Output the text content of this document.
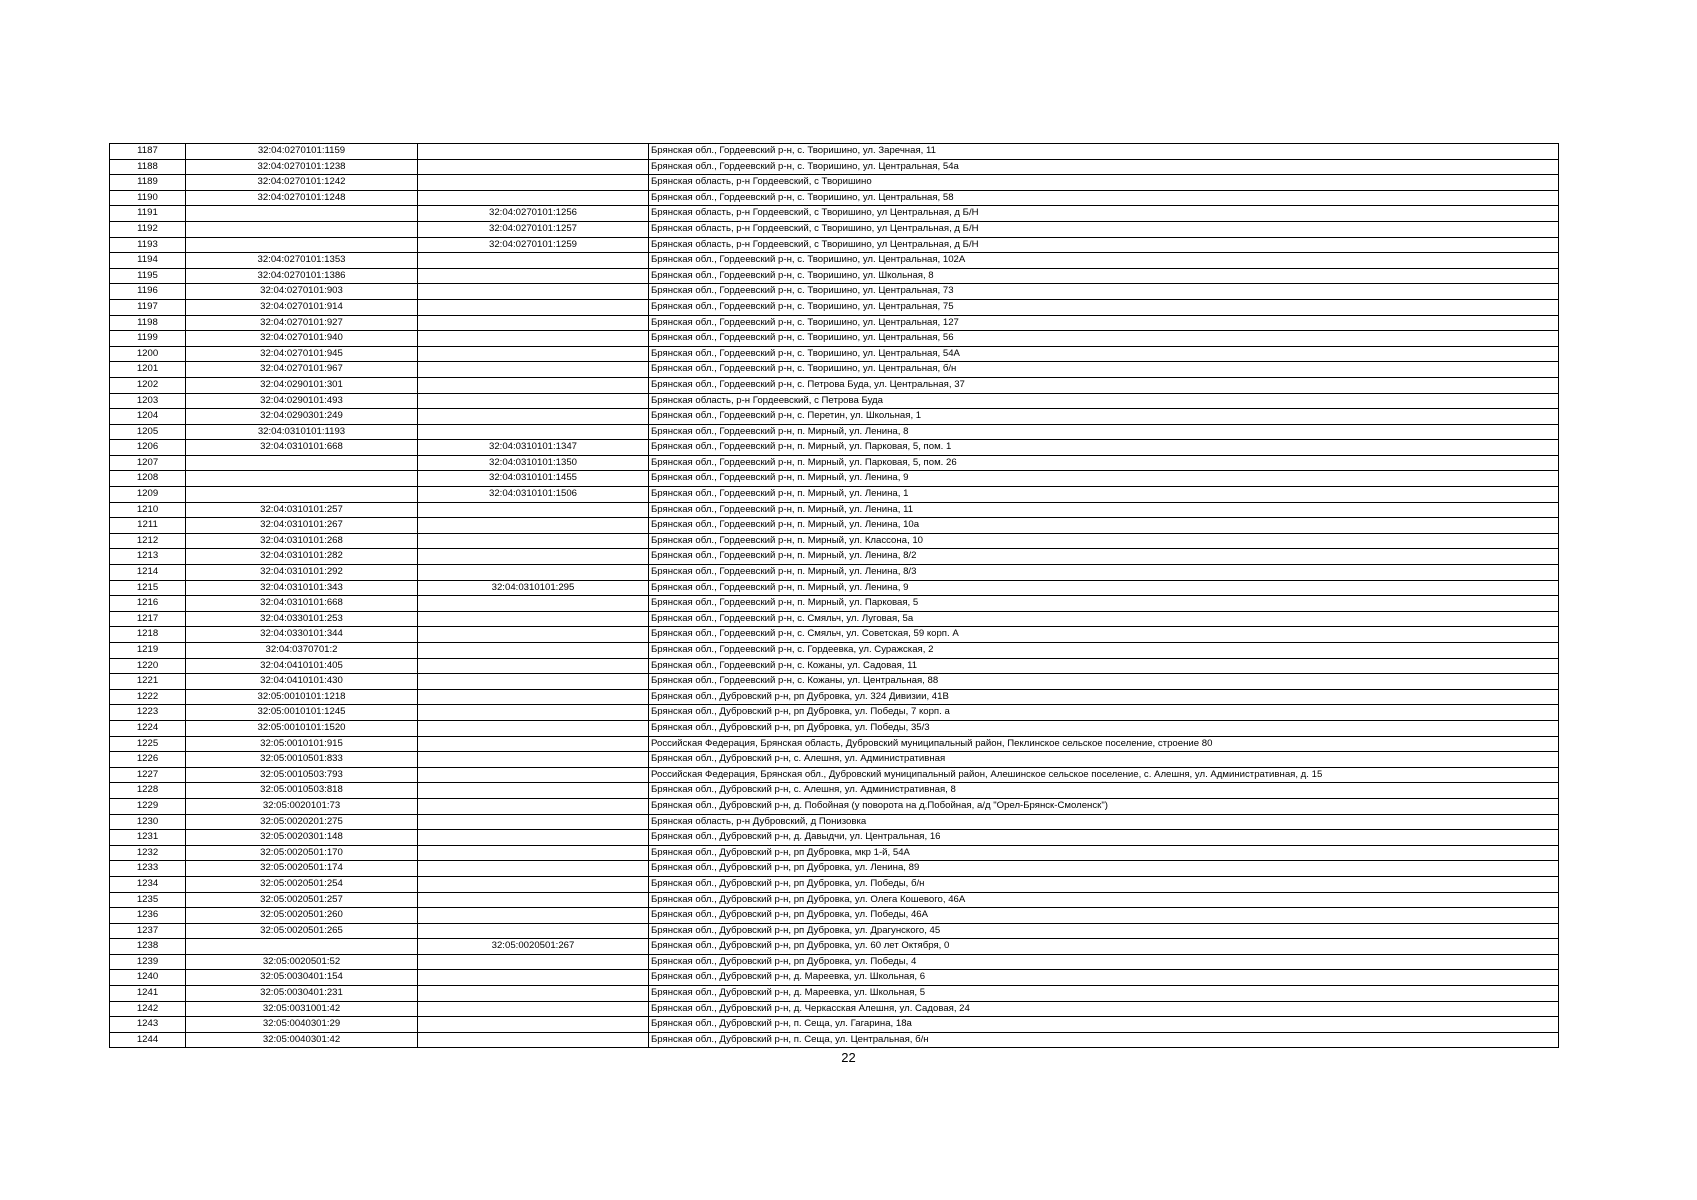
1187	32:04:0270101:1159		Брянская обл., Гордеевский р-н, с. Творишино, ул. Заречная, 11
1188	32:04:0270101:1238		Брянская обл., Гордеевский р-н, с. Творишино, ул. Центральная, 54а
1189	32:04:0270101:1242		Брянская область, р-н Гордеевский, с Творишино
1190	32:04:0270101:1248		Брянская обл., Гордеевский р-н, с. Творишино, ул. Центральная, 58
1191		32:04:0270101:1256	Брянская область, р-н Гордеевский, с Творишино, ул Центральная, д Б/Н
1192		32:04:0270101:1257	Брянская область, р-н Гордеевский, с Творишино, ул Центральная, д Б/Н
1193		32:04:0270101:1259	Брянская область, р-н Гордеевский, с Творишино, ул Центральная, д Б/Н
1194	32:04:0270101:1353		Брянская обл., Гордеевский р-н, с. Творишино, ул. Центральная, 102А
1195	32:04:0270101:1386		Брянская обл., Гордеевский р-н, с. Творишино, ул. Школьная, 8
1196	32:04:0270101:903		Брянская обл., Гордеевский р-н, с. Творишино, ул. Центральная, 73
1197	32:04:0270101:914		Брянская обл., Гордеевский р-н, с. Творишино, ул. Центральная, 75
1198	32:04:0270101:927		Брянская обл., Гордеевский р-н, с. Творишино, ул. Центральная, 127
1199	32:04:0270101:940		Брянская обл., Гордеевский р-н, с. Творишино, ул. Центральная, 56
1200	32:04:0270101:945		Брянская обл., Гордеевский р-н, с. Творишино, ул. Центральная, 54А
1201	32:04:0270101:967		Брянская обл., Гордеевский р-н, с. Творишино, ул. Центральная, б/н
1202	32:04:0290101:301		Брянская обл., Гордеевский р-н, с. Петрова Буда, ул. Центральная, 37
1203	32:04:0290101:493		Брянская область, р-н Гордеевский, с Петрова Буда
1204	32:04:0290301:249		Брянская обл., Гордеевский р-н, с. Перетин, ул. Школьная, 1
1205	32:04:0310101:1193		Брянская обл., Гордеевский р-н, п. Мирный, ул. Ленина, 8
1206	32:04:0310101:668	32:04:0310101:1347	Брянская обл., Гордеевский р-н, п. Мирный, ул. Парковая, 5, пом. 1
1207		32:04:0310101:1350	Брянская обл., Гордеевский р-н, п. Мирный, ул. Парковая, 5, пом. 26
1208		32:04:0310101:1455	Брянская обл., Гордеевский р-н, п. Мирный, ул. Ленина, 9
1209		32:04:0310101:1506	Брянская обл., Гордеевский р-н, п. Мирный, ул. Ленина, 1
1210	32:04:0310101:257		Брянская обл., Гордеевский р-н, п. Мирный, ул. Ленина, 11
1211	32:04:0310101:267		Брянская обл., Гордеевский р-н, п. Мирный, ул. Ленина, 10а
1212	32:04:0310101:268		Брянская обл., Гордеевский р-н, п. Мирный, ул. Классона, 10
1213	32:04:0310101:282		Брянская обл., Гордеевский р-н, п. Мирный, ул. Ленина, 8/2
1214	32:04:0310101:292		Брянская обл., Гордеевский р-н, п. Мирный, ул. Ленина, 8/3
1215	32:04:0310101:343	32:04:0310101:295	Брянская обл., Гордеевский р-н, п. Мирный, ул. Ленина, 9
1216	32:04:0310101:668		Брянская обл., Гордеевский р-н, п. Мирный, ул. Парковая, 5
1217	32:04:0330101:253		Брянская обл., Гордеевский р-н, с. Смяльч, ул. Луговая, 5а
1218	32:04:0330101:344		Брянская обл., Гордеевский р-н, с. Смяльч, ул. Советская, 59 корп. А
1219	32:04:0370701:2		Брянская обл., Гордеевский р-н, с. Гордеевка, ул. Суражская, 2
1220	32:04:0410101:405		Брянская обл., Гордеевский р-н, с. Кожаны, ул. Садовая, 11
1221	32:04:0410101:430		Брянская обл., Гордеевский р-н, с. Кожаны, ул. Центральная, 88
1222	32:05:0010101:1218		Брянская обл., Дубровский р-н, рп Дубровка, ул. 324 Дивизии, 41В
1223	32:05:0010101:1245		Брянская обл., Дубровский р-н, рп Дубровка, ул. Победы, 7 корп. а
1224	32:05:0010101:1520		Брянская обл., Дубровский р-н, рп Дубровка, ул. Победы, 35/3
1225	32:05:0010101:915		Российская Федерация, Брянская область, Дубровский муниципальный район, Пеклинское сельское поселение, строение 80
1226	32:05:0010501:833		Брянская обл., Дубровский р-н, с. Алешня, ул. Административная
1227	32:05:0010503:793		Российская Федерация, Брянская обл., Дубровский муниципальный район, Алешинское сельское поселение, с. Алешня, ул. Административная, д. 15
1228	32:05:0010503:818		Брянская обл., Дубровский р-н, с. Алешня, ул. Административная, 8
1229	32:05:0020101:73		Брянская обл., Дубровский р-н, д. Побойная (у поворота на д.Побойная, а/д "Орел-Брянск-Смоленск")
1230	32:05:0020201:275		Брянская область, р-н Дубровский, д Понизовка
1231	32:05:0020301:148		Брянская обл., Дубровский р-н, д. Давыдчи, ул. Центральная, 16
1232	32:05:0020501:170		Брянская обл., Дубровский р-н, рп Дубровка, мкр 1-й, 54А
1233	32:05:0020501:174		Брянская обл., Дубровский р-н, рп Дубровка, ул. Ленина, 89
1234	32:05:0020501:254		Брянская обл., Дубровский р-н, рп Дубровка, ул. Победы, б/н
1235	32:05:0020501:257		Брянская обл., Дубровский р-н, рп Дубровка, ул. Олега Кошевого, 46А
1236	32:05:0020501:260		Брянская обл., Дубровский р-н, рп Дубровка, ул. Победы, 46А
1237	32:05:0020501:265		Брянская обл., Дубровский р-н, рп Дубровка, ул. Драгунского, 45
1238		32:05:0020501:267	Брянская обл., Дубровский р-н, рп Дубровка, ул. 60 лет Октября, 0
1239	32:05:0020501:52		Брянская обл., Дубровский р-н, рп Дубровка, ул. Победы, 4
1240	32:05:0030401:154		Брянская обл., Дубровский р-н, д. Мареевка, ул. Школьная, 6
1241	32:05:0030401:231		Брянская обл., Дубровский р-н, д. Мареевка, ул. Школьная, 5
1242	32:05:0031001:42		Брянская обл., Дубровский р-н, д. Черкасская Алешня, ул. Садовая, 24
1243	32:05:0040301:29		Брянская обл., Дубровский р-н, п. Сеща, ул. Гагарина, 18а
1244	32:05:0040301:42		Брянская обл., Дубровский р-н, п. Сеща, ул. Центральная, б/н
22
